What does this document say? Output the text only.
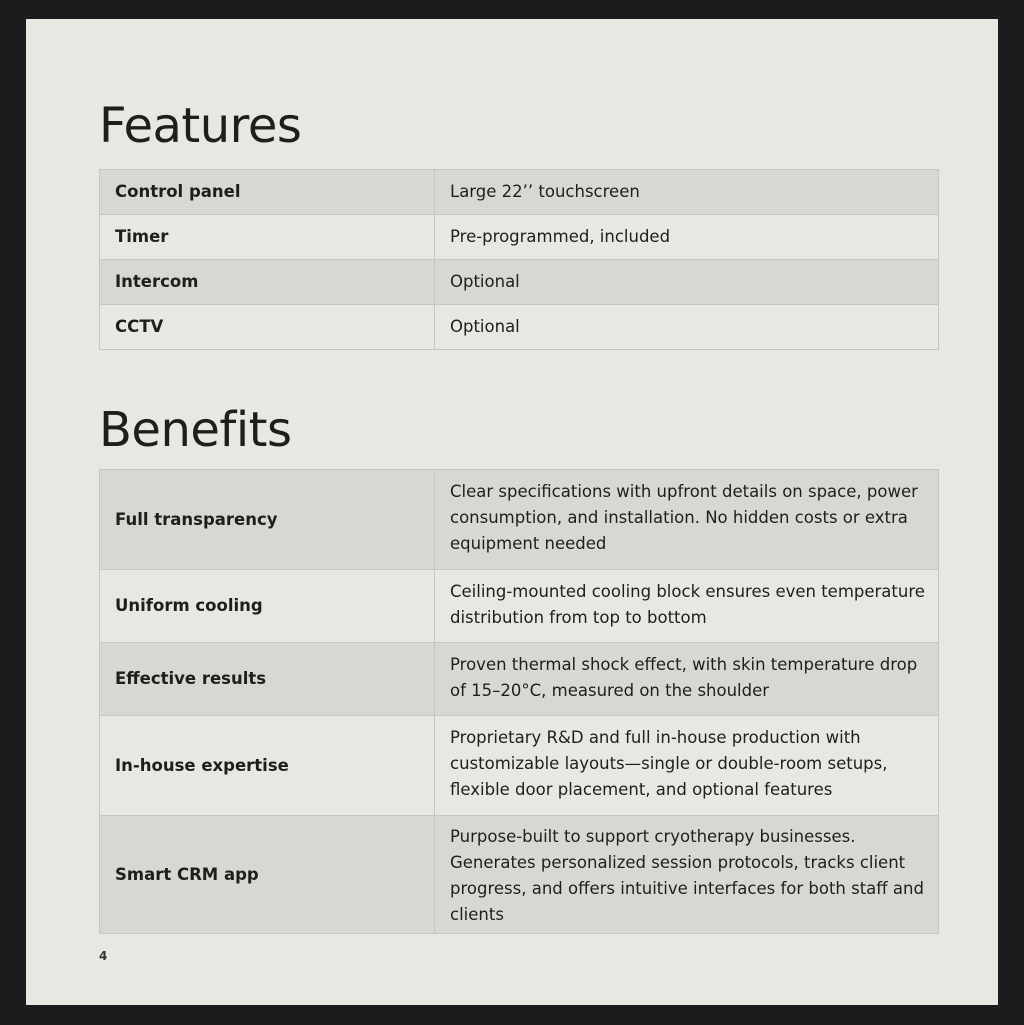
Features
Control panel	Large 22’’ touchscreen
Timer	Pre-programmed, included
Intercom	Optional
CCTV	Optional
Benefits
Full transparency	Clear specifications with upfront details on space, power consumption, and installation. No hidden costs or extra equipment needed
Uniform cooling	Ceiling-mounted cooling block ensures even temperature distribution from top to bottom
Effective results	Proven thermal shock effect, with skin temperature drop of 15–20°C, measured on the shoulder
In-house expertise	Proprietary R&D and full in-house production with customizable layouts—single or double-room setups, flexible door placement, and optional features
Smart CRM app	Purpose-built to support cryotherapy businesses. Generates personalized session protocols, tracks client progress, and offers intuitive interfaces for both staff and clients
4
